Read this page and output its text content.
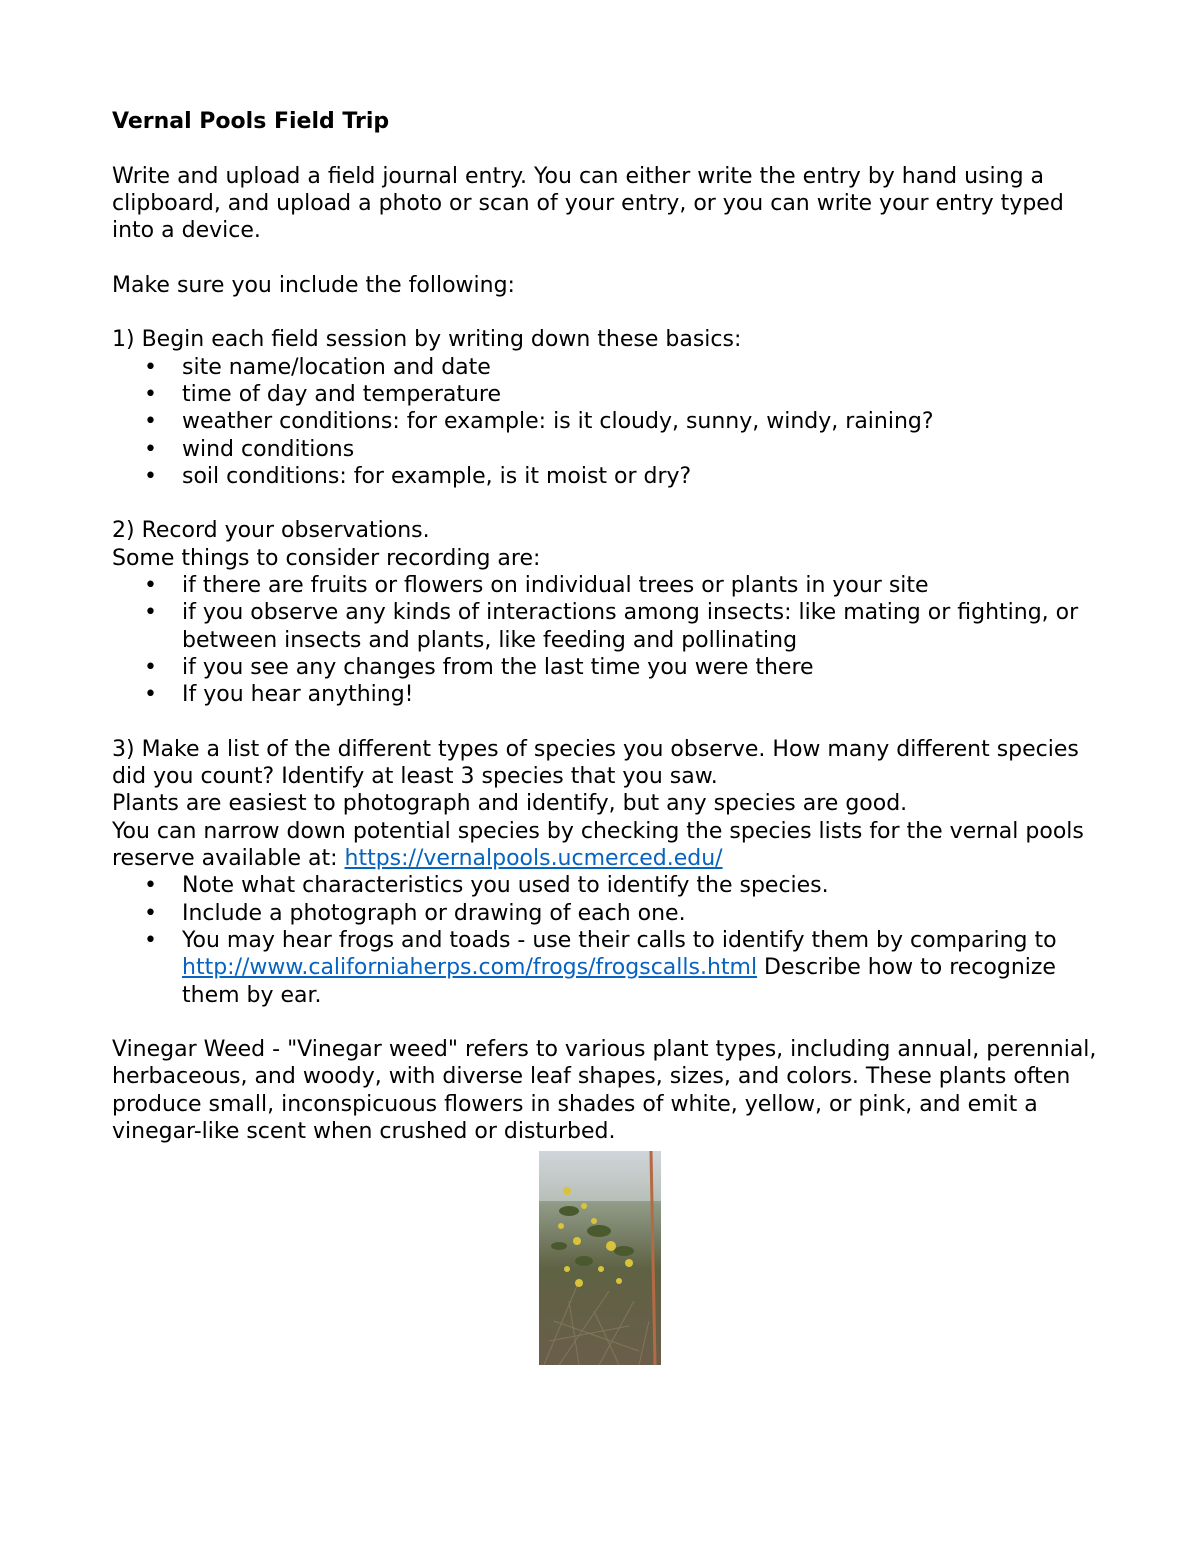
Vernal Pools Field Trip

Write and upload a field journal entry. You can either write the entry by hand using a clipboard, and upload a photo or scan of your entry, or you can write your entry typed into a device.

Make sure you include the following:

1) Begin each field session by writing down these basics:

• site name/location and date
• time of day and temperature
• weather conditions: for example: is it cloudy, sunny, windy, raining?
• wind conditions
• soil conditions: for example, is it moist or dry?

2) Record your observations.

Some things to consider recording are:

• if there are fruits or flowers on individual trees or plants in your site
• if you observe any kinds of interactions among insects: like mating or fighting, or between insects and plants, like feeding and pollinating
• if you see any changes from the last time you were there
• If you hear anything!

3) Make a list of the different types of species you observe. How many different species did you count? Identify at least 3 species that you saw.

Plants are easiest to photograph and identify, but any species are good.

You can narrow down potential species by checking the species lists for the vernal pools reserve available at: https://vernalpools.ucmerced.edu/

• Note what characteristics you used to identify the species.
• Include a photograph or drawing of each one.
• You may hear frogs and toads - use their calls to identify them by comparing to http://www.californiaherps.com/frogs/frogscalls.html Describe how to recognize them by ear.

Vinegar Weed - "Vinegar weed" refers to various plant types, including annual, perennial, herbaceous, and woody, with diverse leaf shapes, sizes, and colors. These plants often produce small, inconspicuous flowers in shades of white, yellow, or pink, and emit a vinegar-like scent when crushed or disturbed.
